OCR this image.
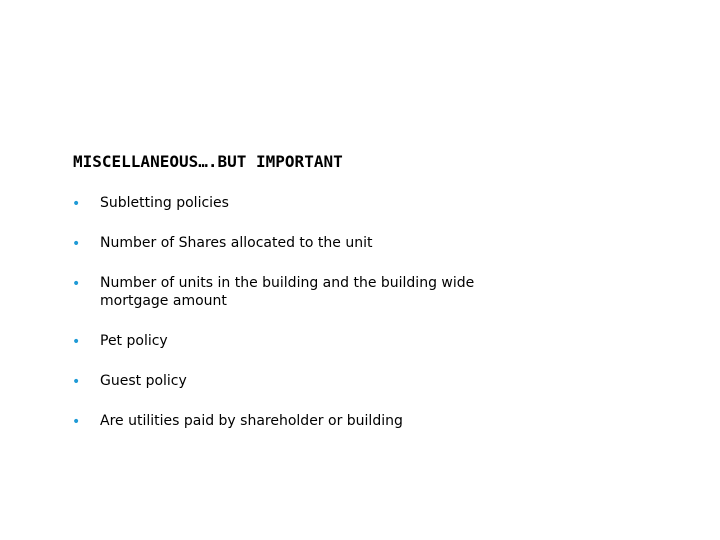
MISCELLANEOUS….BUT IMPORTANT
• Subletting policies
• Number of Shares allocated to the unit
• Number of units in the building and the building wide mortgage amount
• Pet policy
• Guest policy
• Are utilities paid by shareholder or building
